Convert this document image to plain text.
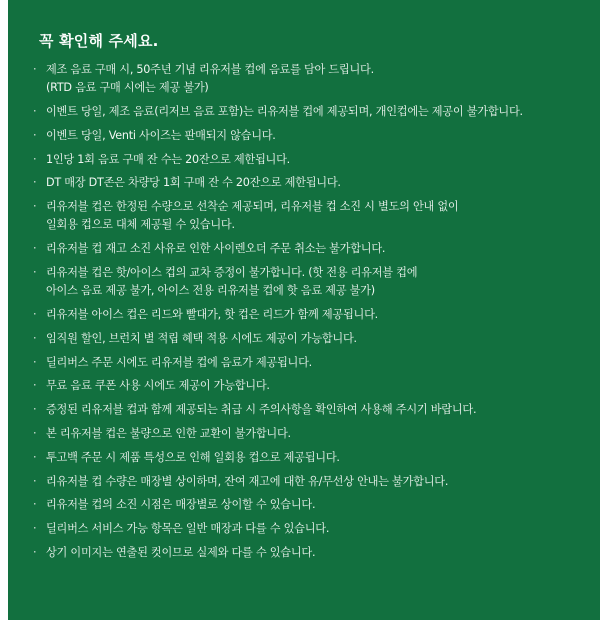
꼭 확인해 주세요.
· 제조 음료 구매 시, 50주년 기념 리유저블 컵에 음료를 담아 드립니다.
(RTD 음료 구매 시에는 제공 불가)
· 이벤트 당일, 제조 음료(리저브 음료 포함)는 리유저블 컵에 제공되며, 개인컵에는 제공이 불가합니다.
· 이벤트 당일, Venti 사이즈는 판매되지 않습니다.
· 1인당 1회 음료 구매 잔 수는 20잔으로 제한됩니다.
· DT 매장 DT존은 차량당 1회 구매 잔 수 20잔으로 제한됩니다.
· 리유저블 컵은 한정된 수량으로 선착순 제공되며, 리유저블 컵 소진 시 별도의 안내 없이
일회용 컵으로 대체 제공될 수 있습니다.
· 리유저블 컵 재고 소진 사유로 인한 사이렌오더 주문 취소는 불가합니다.
· 리유저블 컵은 핫/아이스 컵의 교차 증정이 불가합니다. (핫 전용 리유저블 컵에
아이스 음료 제공 불가, 아이스 전용 리유저블 컵에 핫 음료 제공 불가)
· 리유저블 아이스 컵은 리드와 빨대가, 핫 컵은 리드가 함께 제공됩니다.
· 임직원 할인, 브런치 별 적립 혜택 적용 시에도 제공이 가능합니다.
· 딜리버스 주문 시에도 리유저블 컵에 음료가 제공됩니다.
· 무료 음료 쿠폰 사용 시에도 제공이 가능합니다.
· 증정된 리유저블 컵과 함께 제공되는 취급 시 주의사항을 확인하여 사용해 주시기 바랍니다.
· 본 리유저블 컵은 불량으로 인한 교환이 불가합니다.
· 투고백 주문 시 제품 특성으로 인해 일회용 컵으로 제공됩니다.
· 리유저블 컵 수량은 매장별 상이하며, 잔여 재고에 대한 유/무선상 안내는 불가합니다.
· 리유저블 컵의 소진 시점은 매장별로 상이할 수 있습니다.
· 딜리버스 서비스 가능 항목은 일반 매장과 다를 수 있습니다.
· 상기 이미지는 연출된 컷이므로 실제와 다를 수 있습니다.
